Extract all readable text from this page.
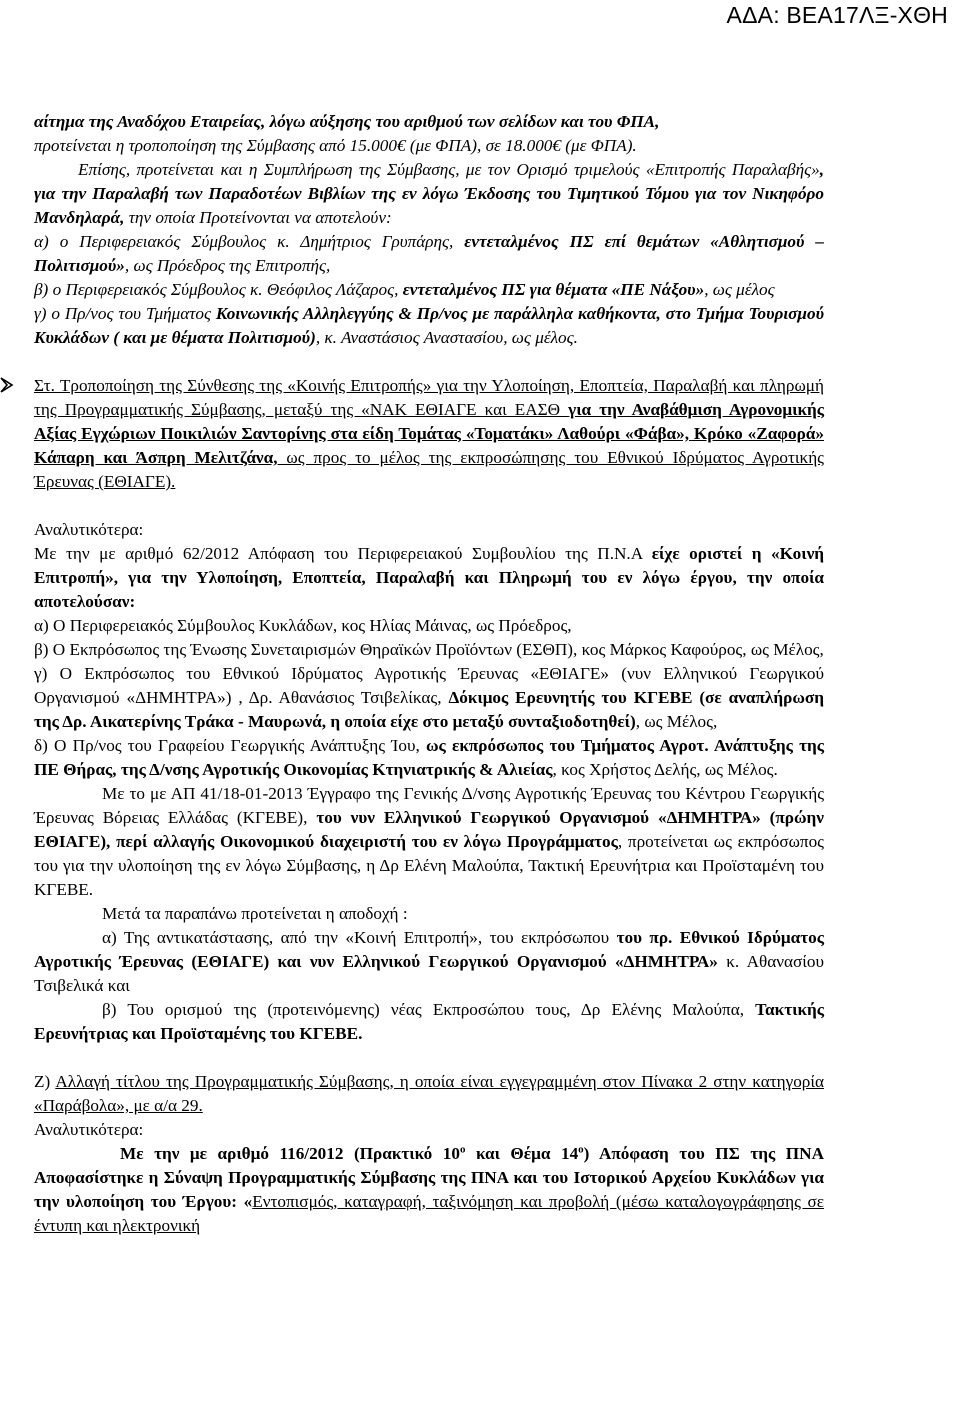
ΑΔΑ: ΒΕΑ17ΛΞ-ΧΘΗ
αίτημα της Αναδόχου Εταιρείας, λόγω αύξησης του αριθμού των σελίδων και του ΦΠΑ,
προτείνεται η τροποποίηση της Σύμβασης από 15.000€ (με ΦΠΑ), σε 18.000€ (με ΦΠΑ).
Επίσης, προτείνεται και η Συμπλήρωση της Σύμβασης, με τον Ορισμό τριμελούς «Επιτροπής Παραλαβής», για την Παραλαβή των Παραδοτέων Βιβλίων της εν λόγω Έκδοσης του Τιμητικού Τόμου για τον Νικηφόρο Μανδηλαρά, την οποία Προτείνονται να αποτελούν:

α) ο Περιφερειακός Σύμβουλος κ. Δημήτριος Γρυπάρης, εντεταλμένος ΠΣ επί θεμάτων «Αθλητισμού – Πολιτισμού», ως Πρόεδρος της Επιτροπής,

β) ο Περιφερειακός Σύμβουλος κ. Θεόφιλος Λάζαρος, εντεταλμένος ΠΣ για θέματα «ΠΕ Νάξου», ως μέλος

γ) ο Πρ/νος του Τμήματος Κοινωνικής Αλληλεγγύης & Πρ/νος με παράλληλα καθήκοντα, στο Τμήμα Τουρισμού Κυκλάδων ( και με θέματα Πολιτισμού), κ. Αναστάσιος Αναστασίου, ως μέλος.

Στ. Τροποποίηση της Σύνθεσης της «Κοινής Επιτροπής» για την Υλοποίηση, Εποπτεία, Παραλαβή και πληρωμή της Προγραμματικής Σύμβασης, μεταξύ της «ΝΑΚ ΕΘΙΑΓΕ και ΕΑΣΘ για την Αναβάθμιση Αγρονομικής Αξίας Εγχώριων Ποικιλιών Σαντορίνης στα είδη Τομάτας «Τοματάκι» Λαθούρι «Φάβα», Κρόκο «Ζαφορά» Κάπαρη και Άσπρη Μελιτζάνα, ως προς το μέλος της εκπροσώπησης του Εθνικού Ιδρύματος Αγροτικής Έρευνας (ΕΘΙΑΓΕ).

Αναλυτικότερα:

Με την με αριθμό 62/2012 Απόφαση του Περιφερειακού Συμβουλίου της Π.Ν.Α είχε οριστεί η «Κοινή Επιτροπή», για την Υλοποίηση, Εποπτεία, Παραλαβή και Πληρωμή του εν λόγω έργου, την οποία αποτελούσαν:

α) Ο Περιφερειακός Σύμβουλος Κυκλάδων, κος Ηλίας Μάινας, ως Πρόεδρος,

β) Ο Εκπρόσωπος της Ένωσης Συνεταιρισμών Θηραϊκών Προϊόντων (ΕΣΘΠ), κος Μάρκος Καφούρος, ως Μέλος,

γ) Ο Εκπρόσωπος του Εθνικού Ιδρύματος Αγροτικής Έρευνας «ΕΘΙΑΓΕ» (νυν Ελληνικού Γεωργικού Οργανισμού «ΔΗΜΗΤΡΑ») , Δρ. Αθανάσιος Τσιβελίκας, Δόκιμος Ερευνητής του ΚΓΕΒΕ (σε αναπλήρωση της Δρ. Αικατερίνης Τράκα - Μαυρωνά, η οποία είχε στο μεταξύ συνταξιοδοτηθεί), ως Μέλος,

δ) Ο Πρ/νος του Γραφείου Γεωργικής Ανάπτυξης Ίου, ως εκπρόσωπος του Τμήματος Αγροτ. Ανάπτυξης της ΠΕ Θήρας, της Δ/νσης Αγροτικής Οικονομίας Κτηνιατρικής & Αλιείας, κος Χρήστος Δελής, ως Μέλος.

Με το με ΑΠ 41/18-01-2013 Έγγραφο της Γενικής Δ/νσης Αγροτικής Έρευνας του Κέντρου Γεωργικής Έρευνας Βόρειας Ελλάδας (ΚΓΕΒΕ), του νυν Ελληνικού Γεωργικού Οργανισμού «ΔΗΜΗΤΡΑ» (πρώην ΕΘΙΑΓΕ), περί αλλαγής Οικονομικού διαχειριστή του εν λόγω Προγράμματος, προτείνεται ως εκπρόσωπος του για την υλοποίηση της εν λόγω Σύμβασης, η Δρ Ελένη Μαλούπα, Τακτική Ερευνήτρια και Προϊσταμένη του ΚΓΕΒΕ.

Μετά τα παραπάνω προτείνεται η αποδοχή :

α) Της αντικατάστασης, από την «Κοινή Επιτροπή», του εκπρόσωπου του πρ. Εθνικού Ιδρύματος Αγροτικής Έρευνας (ΕΘΙΑΓΕ) και νυν Ελληνικού Γεωργικού Οργανισμού «ΔΗΜΗΤΡΑ» κ. Αθανασίου Τσιβελικά και

β) Του ορισμού της (προτεινόμενης) νέας Εκπροσώπου τους, Δρ Ελένης Μαλούπα, Τακτικής Ερευνήτριας και Προϊσταμένης του ΚΓΕΒΕ.

Ζ) Αλλαγή τίτλου της Προγραμματικής Σύμβασης, η οποία είναι εγγεγραμμένη στον Πίνακα 2 στην κατηγορία «Παράβολα», με α/α 29.

Αναλυτικότερα:

Με την με αριθμό 116/2012 (Πρακτικό $10^o$ και Θέμα $14^o$) Απόφαση του ΠΣ της ΠΝΑ Αποφασίστηκε η Σύναψη Προγραμματικής Σύμβασης της ΠΝΑ και του Ιστορικού Αρχείου Κυκλάδων για την υλοποίηση του Έργου: «Εντοπισμός, καταγραφή, ταξινόμηση και προβολή (μέσω καταλογογράφησης σε έντυπη και ηλεκτρονική
